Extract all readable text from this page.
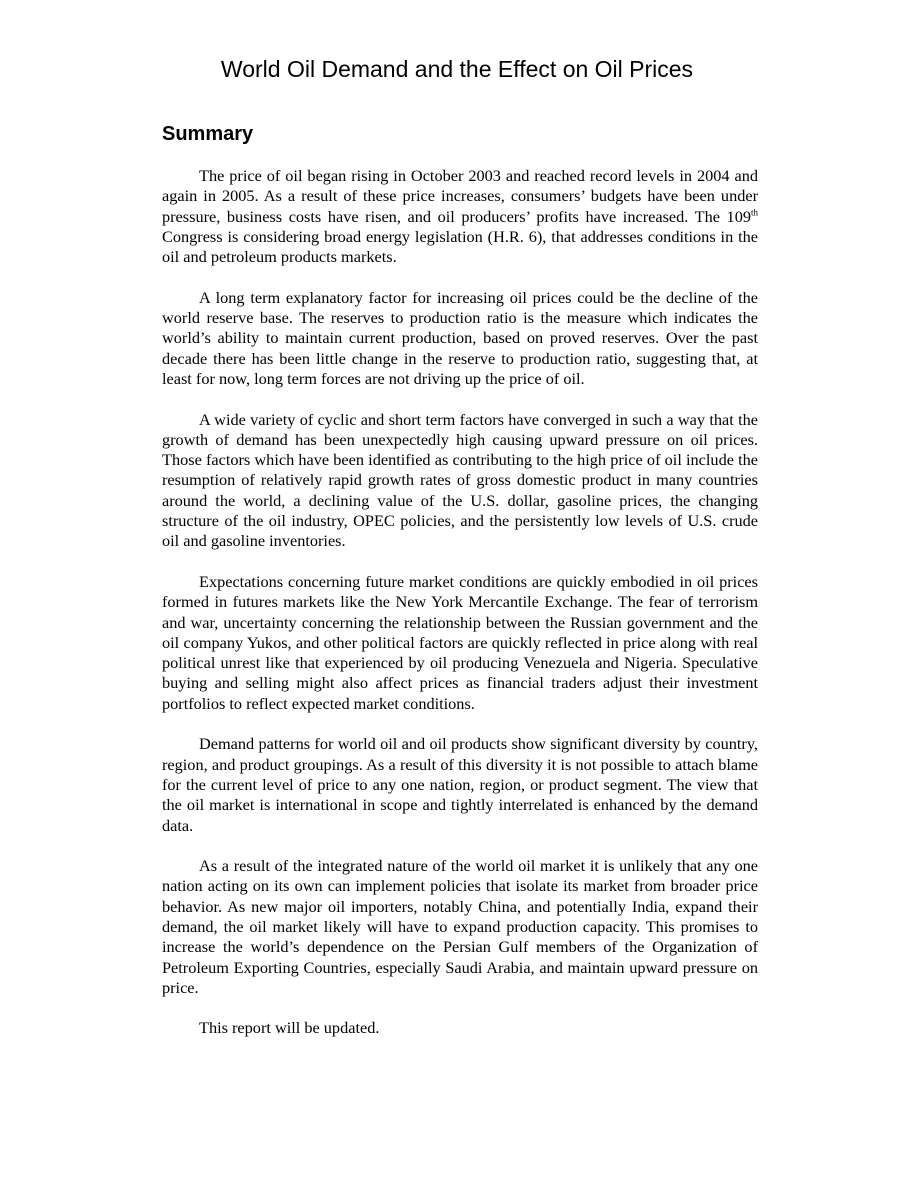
World Oil Demand and the Effect on Oil Prices
Summary

The price of oil began rising in October 2003 and reached record levels in 2004 and again in 2005. As a result of these price increases, consumers’ budgets have been under pressure, business costs have risen, and oil producers’ profits have increased. The 109th Congress is considering broad energy legislation (H.R. 6), that addresses conditions in the oil and petroleum products markets.

A long term explanatory factor for increasing oil prices could be the decline of the world reserve base. The reserves to production ratio is the measure which indicates the world’s ability to maintain current production, based on proved reserves. Over the past decade there has been little change in the reserve to production ratio, suggesting that, at least for now, long term forces are not driving up the price of oil.

A wide variety of cyclic and short term factors have converged in such a way that the growth of demand has been unexpectedly high causing upward pressure on oil prices. Those factors which have been identified as contributing to the high price of oil include the resumption of relatively rapid growth rates of gross domestic product in many countries around the world, a declining value of the U.S. dollar, gasoline prices, the changing structure of the oil industry, OPEC policies, and the persistently low levels of U.S. crude oil and gasoline inventories.

Expectations concerning future market conditions are quickly embodied in oil prices formed in futures markets like the New York Mercantile Exchange. The fear of terrorism and war, uncertainty concerning the relationship between the Russian government and the oil company Yukos, and other political factors are quickly reflected in price along with real political unrest like that experienced by oil producing Venezuela and Nigeria. Speculative buying and selling might also affect prices as financial traders adjust their investment portfolios to reflect expected market conditions.

Demand patterns for world oil and oil products show significant diversity by country, region, and product groupings. As a result of this diversity it is not possible to attach blame for the current level of price to any one nation, region, or product segment. The view that the oil market is international in scope and tightly interrelated is enhanced by the demand data.

As a result of the integrated nature of the world oil market it is unlikely that any one nation acting on its own can implement policies that isolate its market from broader price behavior. As new major oil importers, notably China, and potentially India, expand their demand, the oil market likely will have to expand production capacity. This promises to increase the world’s dependence on the Persian Gulf members of the Organization of Petroleum Exporting Countries, especially Saudi Arabia, and maintain upward pressure on price.

This report will be updated.
